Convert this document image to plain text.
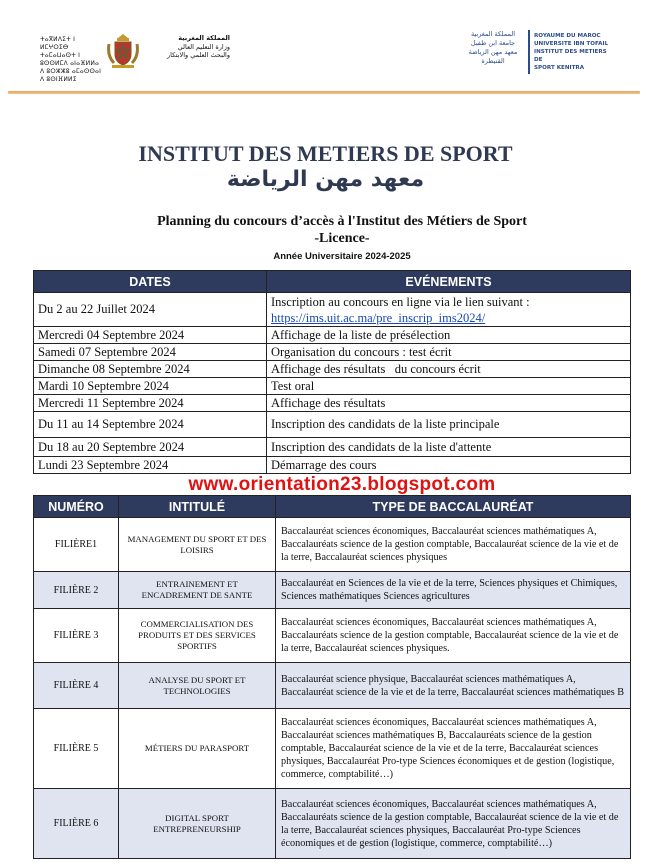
ⵜⴰⴳⵍⴷⵉⵜ ⵏ ⵍⵎⵖⵔⵉⴱ
ⵜⴰⵎⴰⵡⴰⵙⵜ ⵏ ⵓⵙⵙⵍⵎⴷ ⴰⵏⴰⴼⵍⵍⴰ
ⴷ ⵓⵔⵣⵣⵓ ⴰⵎⴰⵙⵙⴰⵏ ⴷ ⵓⵙⵏⴼⵍⵍⵉ
المملكة المغربية
وزارة التعليم العالي
والبحث العلمي والابتكار
المملكة المغربية
جامعة ابن طفيل
معهد مهن الرياضة
القنيطرة
ROYAUME DU MAROC
UNIVERSITE IBN TOFAIL
INSTITUT DES METIERS DE
SPORT KENITRA
INSTITUT DES METIERS DE SPORT
معهد مهن الرياضة
Planning du concours d’accès à l'Institut des Métiers de Sport
-Licence-
Année Universitaire 2024-2025
DATES	EVÉNEMENTS
Du 2 au 22 Juillet 2024	Inscription au concours en ligne via le lien suivant :
https://ims.uit.ac.ma/pre_inscrip_ims2024/
Mercredi 04 Septembre 2024	Affichage de la liste de présélection
Samedi 07 Septembre 2024	Organisation du concours : test écrit
Dimanche 08 Septembre 2024	Affichage des résultats   du concours écrit
Mardi 10 Septembre 2024	Test oral
Mercredi 11 Septembre 2024	Affichage des résultats
Du 11 au 14 Septembre 2024	Inscription des candidats de la liste principale
Du 18 au 20 Septembre 2024	Inscription des candidats de la liste d'attente
Lundi 23 Septembre 2024	Démarrage des cours
www.orientation23.blogspot.com
NUMÉRO	INTITULÉ	TYPE DE BACCALAURÉAT
FILIÈRE1	MANAGEMENT DU SPORT ET DES LOISIRS	Baccalauréat sciences économiques, Baccalauréat sciences mathématiques A, Baccalauréats science de la gestion comptable, Baccalauréat science de la vie et de la terre, Baccalauréat sciences physiques
FILIÈRE 2	ENTRAINEMENT ET ENCADREMENT DE SANTE	Baccalauréat en Sciences de la vie et de la terre, Sciences physiques et Chimiques, Sciences mathématiques Sciences agricultures
FILIÈRE 3	COMMERCIALISATION DES PRODUITS ET DES SERVICES SPORTIFS	Baccalauréat sciences économiques, Baccalauréat sciences mathématiques A, Baccalauréats science de la gestion comptable, Baccalauréat science de la vie et de la terre, Baccalauréat sciences physiques.
FILIÈRE 4	ANALYSE DU SPORT ET TECHNOLOGIES	Baccalauréat science physique, Baccalauréat sciences mathématiques A, Baccalauréat science de la vie et de la terre, Baccalauréat sciences mathématiques B
FILIÈRE 5	MÉTIERS DU PARASPORT	Baccalauréat sciences économiques, Baccalauréat sciences mathématiques A, Baccalauréat sciences mathématiques B, Baccalauréats science de la gestion comptable, Baccalauréat science de la vie et de la terre, Baccalauréat sciences physiques, Baccalauréat Pro-type Sciences économiques et de gestion (logistique, commerce, comptabilité…)
FILIÈRE 6	DIGITAL SPORT ENTREPRENEURSHIP	Baccalauréat sciences économiques, Baccalauréat sciences mathématiques A, Baccalauréats science de la gestion comptable, Baccalauréat science de la vie et de la terre, Baccalauréat sciences physiques, Baccalauréat Pro-type Sciences économiques et de gestion (logistique, commerce, comptabilité…)
